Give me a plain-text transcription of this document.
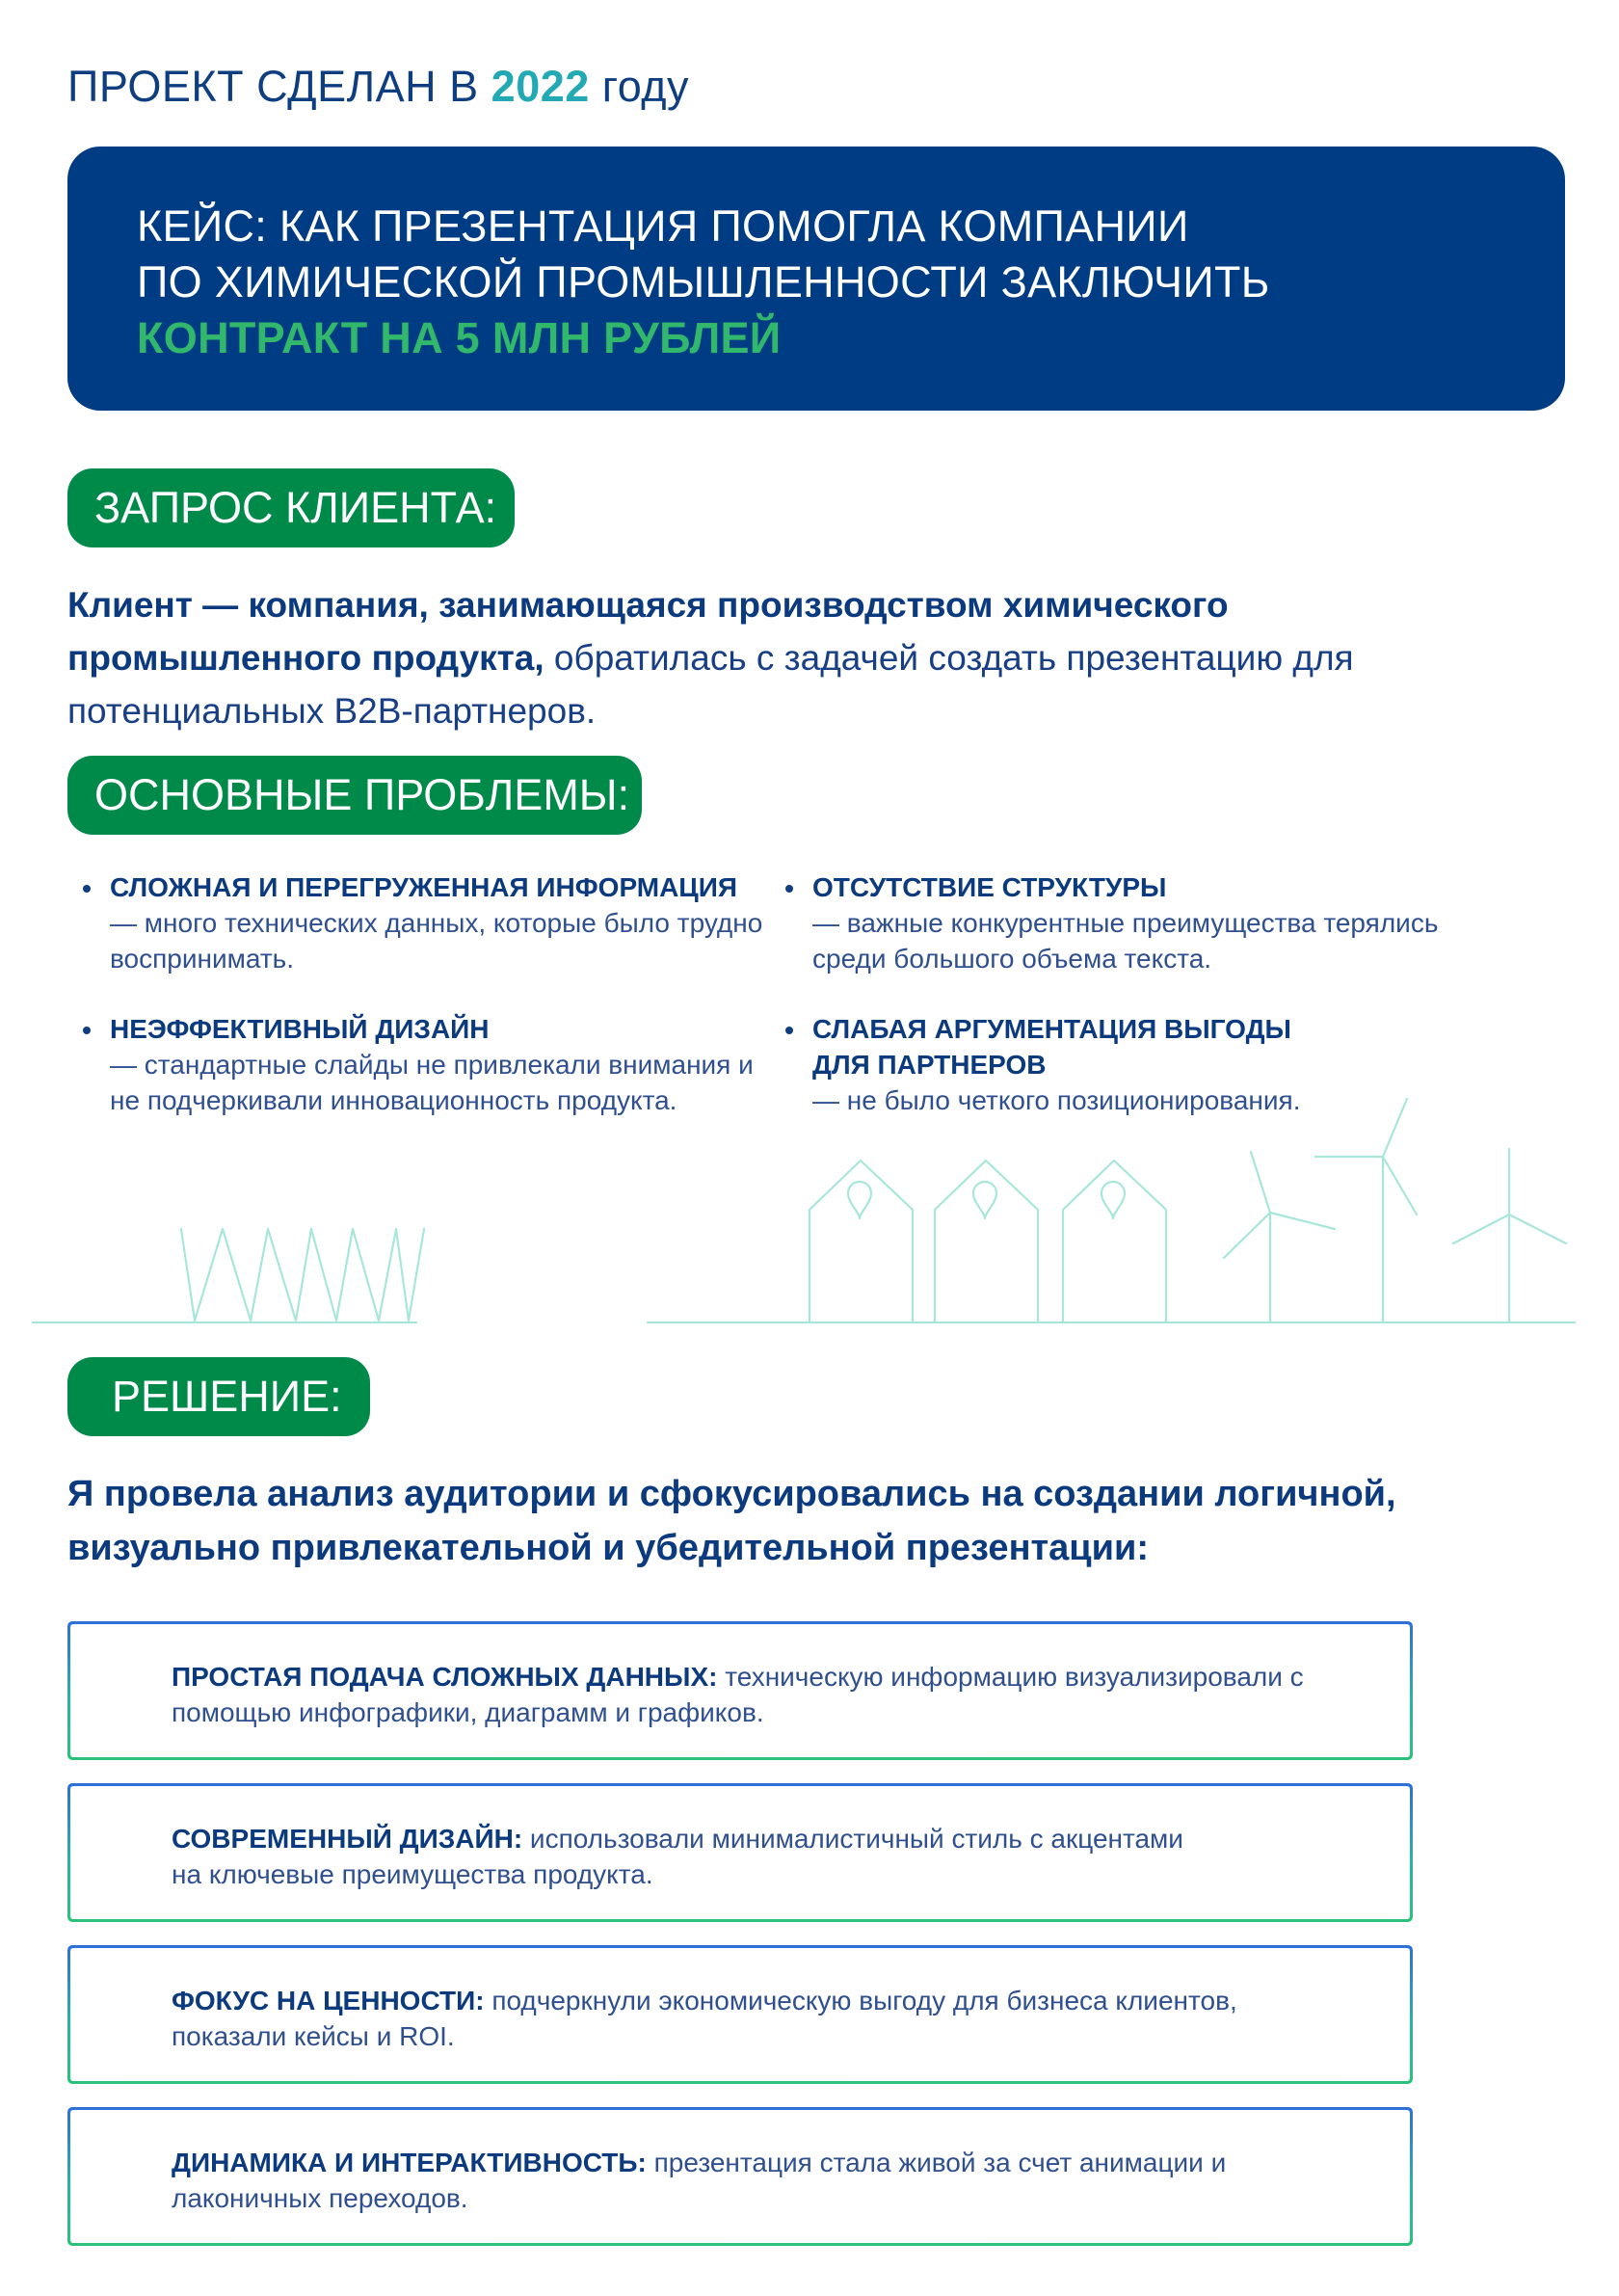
ПРОЕКТ СДЕЛАН В 2022 году
КЕЙС: КАК ПРЕЗЕНТАЦИЯ ПОМОГЛА КОМПАНИИ
ПО ХИМИЧЕСКОЙ ПРОМЫШЛЕННОСТИ ЗАКЛЮЧИТЬ
КОНТРАКТ НА 5 МЛН РУБЛЕЙ
ЗАПРОС КЛИЕНТА:
Клиент — компания, занимающаяся производством химического промышленного продукта, обратилась с задачей создать презентацию для потенциальных B2B-партнеров.
ОСНОВНЫЕ ПРОБЛЕМЫ:
СЛОЖНАЯ И ПЕРЕГРУЖЕННАЯ ИНФОРМАЦИЯ
— много технических данных, которые было трудно воспринимать.
НЕЭФФЕКТИВНЫЙ ДИЗАЙН
— стандартные слайды не привлекали внимания и не подчеркивали инновационность продукта.
ОТСУТСТВИЕ СТРУКТУРЫ
— важные конкурентные преимущества терялись среди большого объема текста.
СЛАБАЯ АРГУМЕНТАЦИЯ ВЫГОДЫ ДЛЯ ПАРТНЕРОВ
— не было четкого позиционирования.
РЕШЕНИЕ:
Я провела анализ аудитории и сфокусировались на создании логичной, визуально привлекательной и убедительной презентации:
ПРОСТАЯ ПОДАЧА СЛОЖНЫХ ДАННЫХ: техническую информацию визуализировали с помощью инфографики, диаграмм и графиков.
СОВРЕМЕННЫЙ ДИЗАЙН: использовали минималистичный стиль с акцентами на ключевые преимущества продукта.
ФОКУС НА ЦЕННОСТИ: подчеркнули экономическую выгоду для бизнеса клиентов, показали кейсы и ROI.
ДИНАМИКА И ИНТЕРАКТИВНОСТЬ: презентация стала живой за счет анимации и лаконичных переходов.
